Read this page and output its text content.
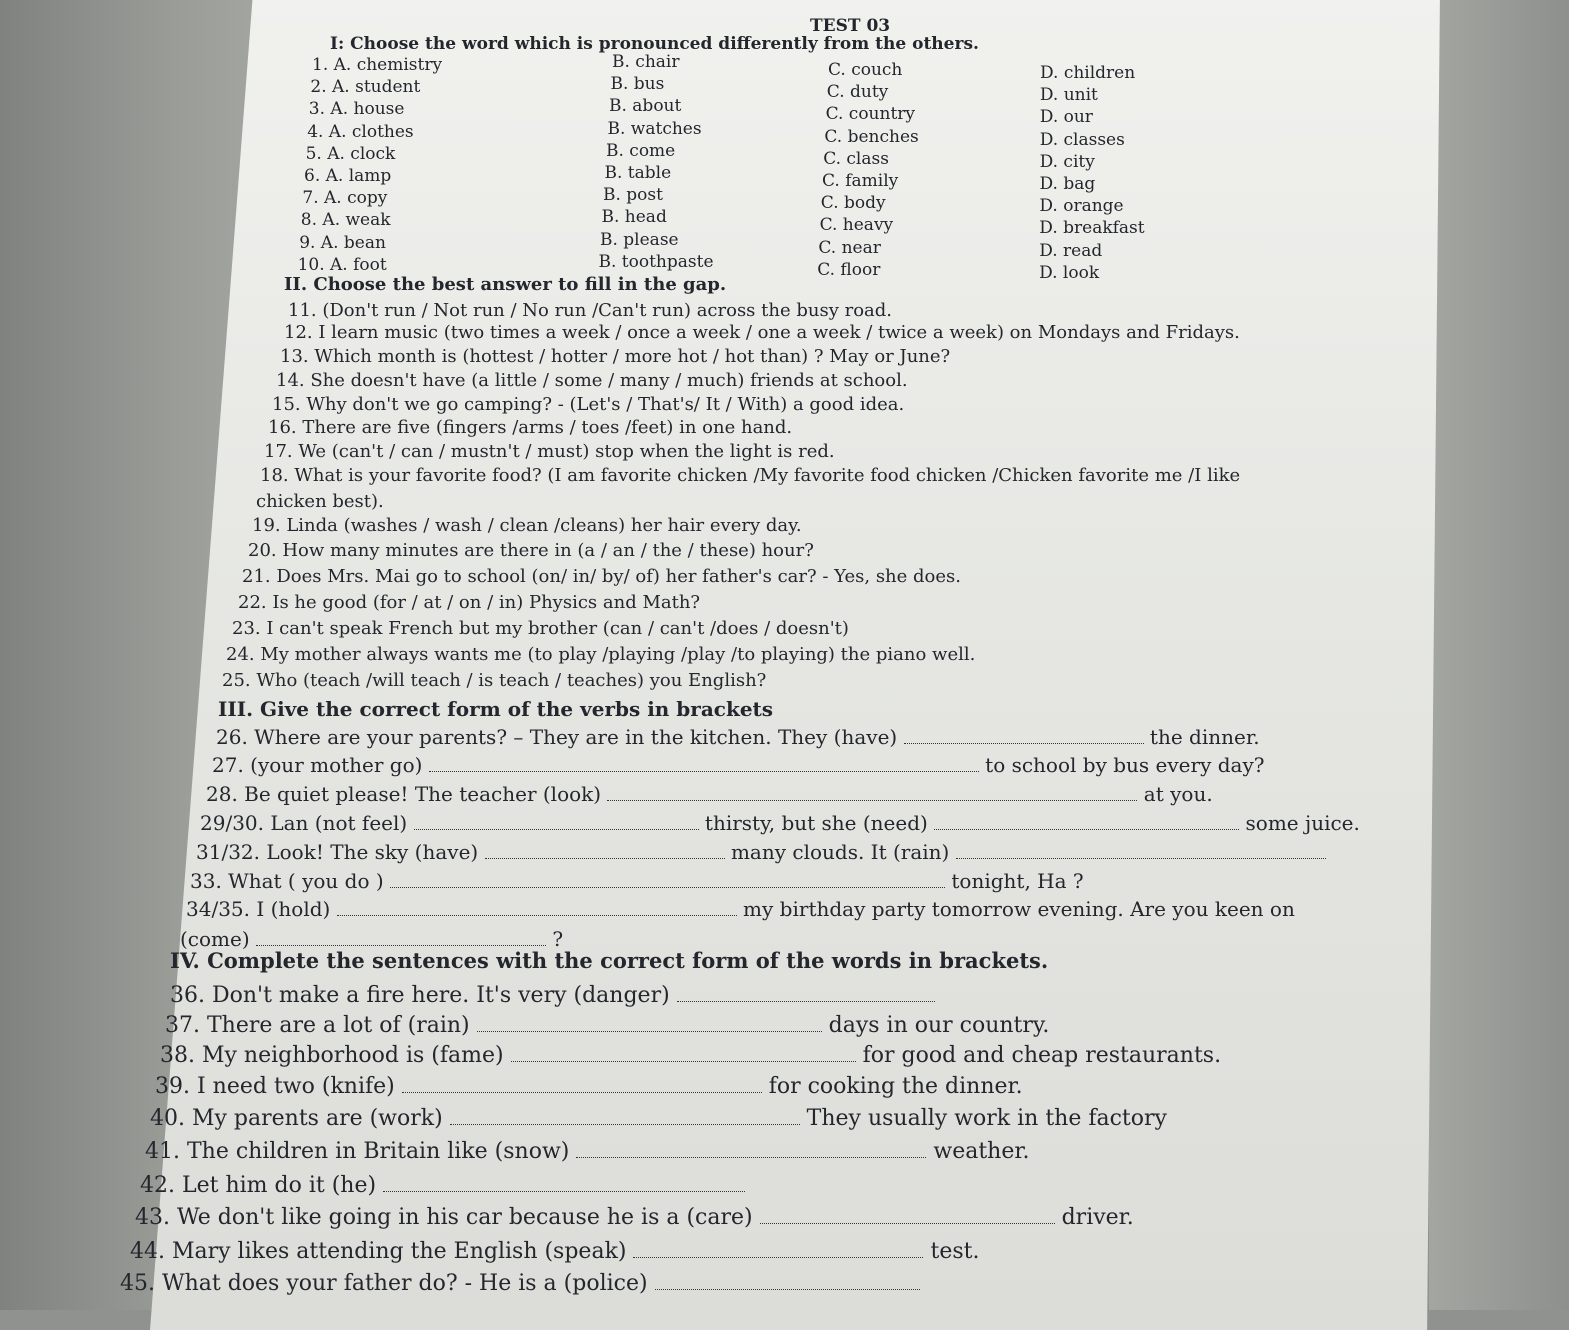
TEST 03
I: Choose the word which is pronounced differently from the others.
II. Choose the best answer to fill in the gap.
III. Give the correct form of the verbs in brackets
IV. Complete the sentences with the correct form of the words in brackets.
1. A. chemistry	B. chair	C. couch	D. children
2. A. student	B. bus	C. duty	D. unit
3. A. house	B. about	C. country	D. our
4. A. clothes	B. watches	C. benches	D. classes
5. A. clock	B. come	C. class	D. city
6. A. lamp	B. table	C. family	D. bag
7. A. copy	B. post	C. body	D. orange
8. A. weak	B. head	C. heavy	D. breakfast
9. A. bean	B. please	C. near	D. read
10. A. foot	B. toothpaste	C. floor	D. look
11. (Don't run / Not run / No run /Can't run) across the busy road.
12. I learn music (two times a week / once a week / one a week / twice a week) on Mondays and Fridays.
13. Which month is (hottest / hotter / more hot / hot than) ? May or June?
14. She doesn't have (a little / some / many / much) friends at school.
15. Why don't we go camping? - (Let's / That's/ It / With) a good idea.
16. There are five (fingers /arms / toes /feet) in one hand.
17. We (can't / can / mustn't / must) stop when the light is red.
18. What is your favorite food? (I am favorite chicken /My favorite food chicken /Chicken favorite me /I like
chicken best).
19. Linda (washes / wash / clean /cleans) her hair every day.
20. How many minutes are there in (a / an / the / these) hour?
21. Does Mrs. Mai go to school (on/ in/ by/ of) her father's car? - Yes, she does.
22. Is he good (for / at / on / in) Physics and Math?
23. I can't speak French but my brother (can / can't /does / doesn't)
24. My mother always wants me (to play /playing /play /to playing) the piano well.
25. Who (teach /will teach / is teach / teaches) you English?
26. Where are your parents? – They are in the kitchen. They (have)	the dinner.
27. (your mother go)	to school by bus every day?
28. Be quiet please! The teacher (look)	at you.
29/30. Lan (not feel)	thirsty, but she (need)	some juice.
31/32. Look! The sky (have)	many clouds. It (rain)
33. What ( you do )	tonight, Ha ?
34/35. I (hold)	my birthday party tomorrow evening. Are you keen on
(come)	?
36. Don't make a fire here. It's very (danger)
37. There are a lot of (rain)	days in our country.
38. My neighborhood is (fame)	for good and cheap restaurants.
39. I need two (knife)	for cooking the dinner.
40. My parents are (work)	They usually work in the factory
41. The children in Britain like (snow)	weather.
42. Let him do it (he)
43. We don't like going in his car because he is a (care)	driver.
44. Mary likes attending the English (speak)	test.
45. What does your father do? - He is a (police)
